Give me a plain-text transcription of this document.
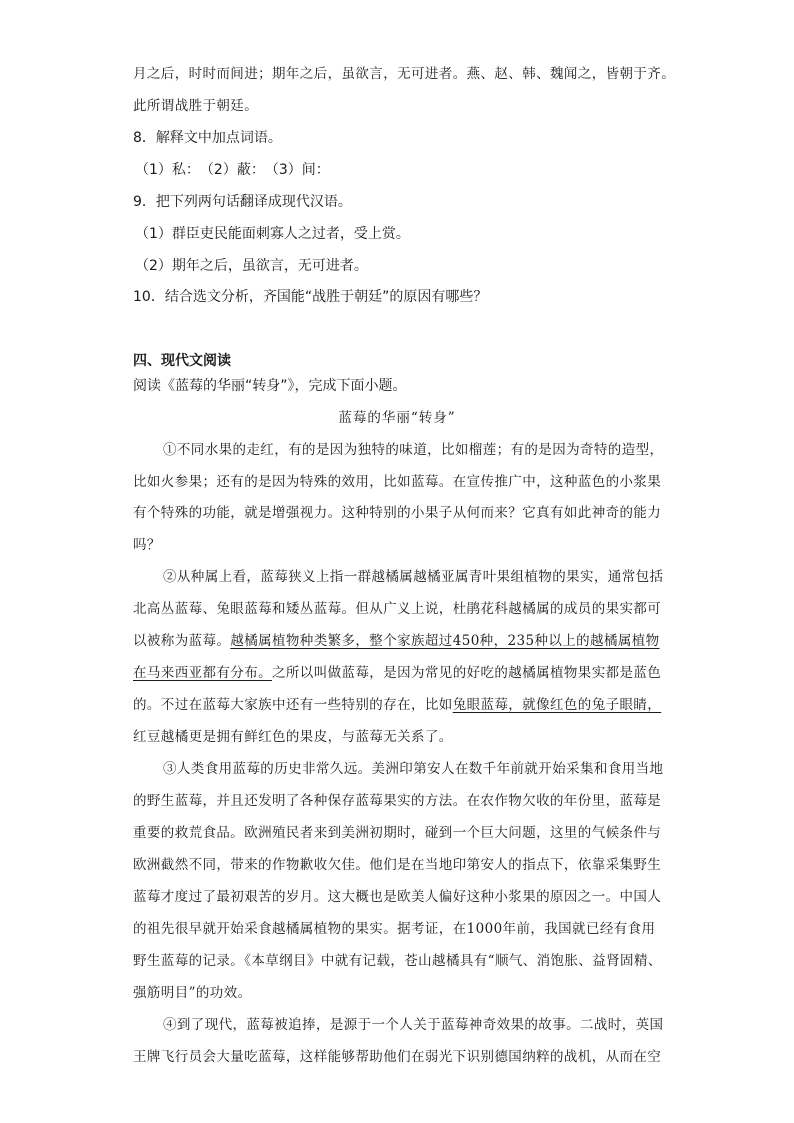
月之后，时时而间进；期年之后，虽欲言，无可进者。燕、赵、韩、魏闻之，皆朝于齐。
此所谓战胜于朝廷。
8．解释文中加点词语。
（1）私：　（2）蔽：　（3）间：
9．把下列两句话翻译成现代汉语。
（1）群臣吏民能面刺寡人之过者，受上赏。
（2）期年之后，虽欲言，无可进者。
10．结合选文分析，齐国能“战胜于朝廷”的原因有哪些？
四、现代文阅读
阅读《蓝莓的华丽“转身”》，完成下面小题。
蓝莓的华丽“转身”
①不同水果的走红，有的是因为独特的味道，比如榴莲；有的是因为奇特的造型，
比如火参果；还有的是因为特殊的效用，比如蓝莓。在宣传推广中，这种蓝色的小浆果
有个特殊的功能，就是增强视力。这种特别的小果子从何而来？它真有如此神奇的能力
吗？
②从种属上看，蓝莓狭义上指一群越橘属越橘亚属青叶果组植物的果实，通常包括
北高丛蓝莓、兔眼蓝莓和矮丛蓝莓。但从广义上说，杜鹃花科越橘属的成员的果实都可
以被称为蓝莓。越橘属植物种类繁多，整个家族超过450种，235种以上的越橘属植物
在马来西亚都有分布。之所以叫做蓝莓，是因为常见的好吃的越橘属植物果实都是蓝色
的。不过在蓝莓大家族中还有一些特别的存在，比如兔眼蓝莓，就像红色的兔子眼睛，
红豆越橘更是拥有鲜红色的果皮，与蓝莓无关系了。
③人类食用蓝莓的历史非常久远。美洲印第安人在数千年前就开始采集和食用当地
的野生蓝莓，并且还发明了各种保存蓝莓果实的方法。在农作物欠收的年份里，蓝莓是
重要的救荒食品。欧洲殖民者来到美洲初期时，碰到一个巨大问题，这里的气候条件与
欧洲截然不同，带来的作物歉收欠佳。他们是在当地印第安人的指点下，依靠采集野生
蓝莓才度过了最初艰苦的岁月。这大概也是欧美人偏好这种小浆果的原因之一。中国人
的祖先很早就开始采食越橘属植物的果实。据考证，在1000年前，我国就已经有食用
野生蓝莓的记录。《本草纲目》中就有记载，苍山越橘具有“顺气、消饱胀、益肾固精、
强筋明目”的功效。
④到了现代，蓝莓被追捧，是源于一个人关于蓝莓神奇效果的故事。二战时，英国
王牌飞行员会大量吃蓝莓，这样能够帮助他们在弱光下识别德国纳粹的战机，从而在空
